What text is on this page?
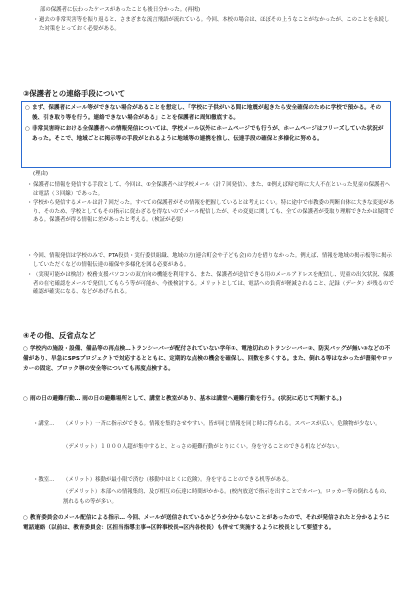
部の保護者に伝わったケースがあったことも後日分かった。(再掲)
・ 過去の非常災害等を振り返ると、さまざまな流言飛語が流れている。今回、本校の場合は、ほぼその上うなことがなかったが、このことを永続した対策をとっておく必要がある。
③保護者との連絡手段について
○ まず、保護者にメール等ができない場合があることを想定し、「学校に子供がいる間に地震が起きたら安全確保のために学校で預かる。その後、引き取り等を行う。連絡できない場合がある」ことを保護者に周知徹底する。
○ 非常災害時における全保護者への情報発信については、学校メール以外にホームページでも行うが、ホームページはフリーズしていた状況があった。そこで、地域ごとに掲示等の手段がとれるように地域等の連携を推し、伝達手段の確保と多様化に努める。
(理由)
・ 保護者に情報を発信する手段として、今回は、①全保護者へは学校メール（計７回発信）、また、②例えば帰宅時に大人不在といった児童の保護者へは電話（３回線）であった。
・ 学校から発信するメールは計７回だった。すべての保護者がその情報を把握しているとは考えにくい。特に途中で市教委の判断自体に大きな変更があり、そのため、学校としてもその指示に従わざるを得ないのでメール配信したが、その変更に関しても、全ての保護者が受取り理解できたかは疑問である。保護者が得る情報に差があったと考える。（検証が必要）
・ 今回、情報発信は学校のみで、PTA役員・実行委員組織、地域の方(連合町会や子ども会)の力を借りなかった。例えば、情報を地域の掲示板等に掲示していただくなどの情報伝達の確保や多様化を図る必要がある。
・ （実現可能かは検討）校務支援パソコンの双方向の機能を利用する、また、保護者が送信できる用のメールアドレスを配信し、児童の出欠状況、保護者の在宅確認をメールで発信してもらう等が可能か、今後検討する。メリットとしては、電話への負荷が軽減されること、記録（データ）が残るので確認が確実になる、などがあげられる。
④その他、反省点など
○ 学校内の施設・設備、備品等の再点検…トランシーバーが配付されていない学年①、電池切れのトランシーバー②、防災バッグが無い③などの不備があり、早急にSPSプロジェクトで対応するとともに、定期的な点検の機会を確保し、回数を多くする。また、倒れる等はなかったが書架やロッカーの固定、ブロック塀の安全等についても再度点検する。
○ 雨の日の避難行動… 雨の日の避難場所として、講堂と教室があり、基本は講堂へ避難行動を行う。(状況に応じて判断する。)
・講堂…	（メリット）一斉に指示ができる。情報を集約させやすい。皆が同じ情報を同じ時に得られる。スペースが広い。危険物が少ない。
（デメリット）１０００人超が集中すると、とっさの避難行動がとりにくい。身を守ることのできる机などがない。
・教室…	（メリット）移動が最小限で済む（移動中はとくに危険）。身を守ることのできる机等がある。
（デメリット）本部への情報集約、及び相互の伝達に時間がかかる。(校内放送で指示を出すことでカバー)。ロッカー等の倒れるもの、割れるもの等が多い。
○ 教育委員会のメール配信による指示… 今回、メールが送信されているかどうか分からないことがあったので、それが発信されたと分かるように電話連絡（以前は、教育委員会：区担当指導主事⇒区幹事校長⇒区内各校長）も併せて実施するように校長として要望する。
